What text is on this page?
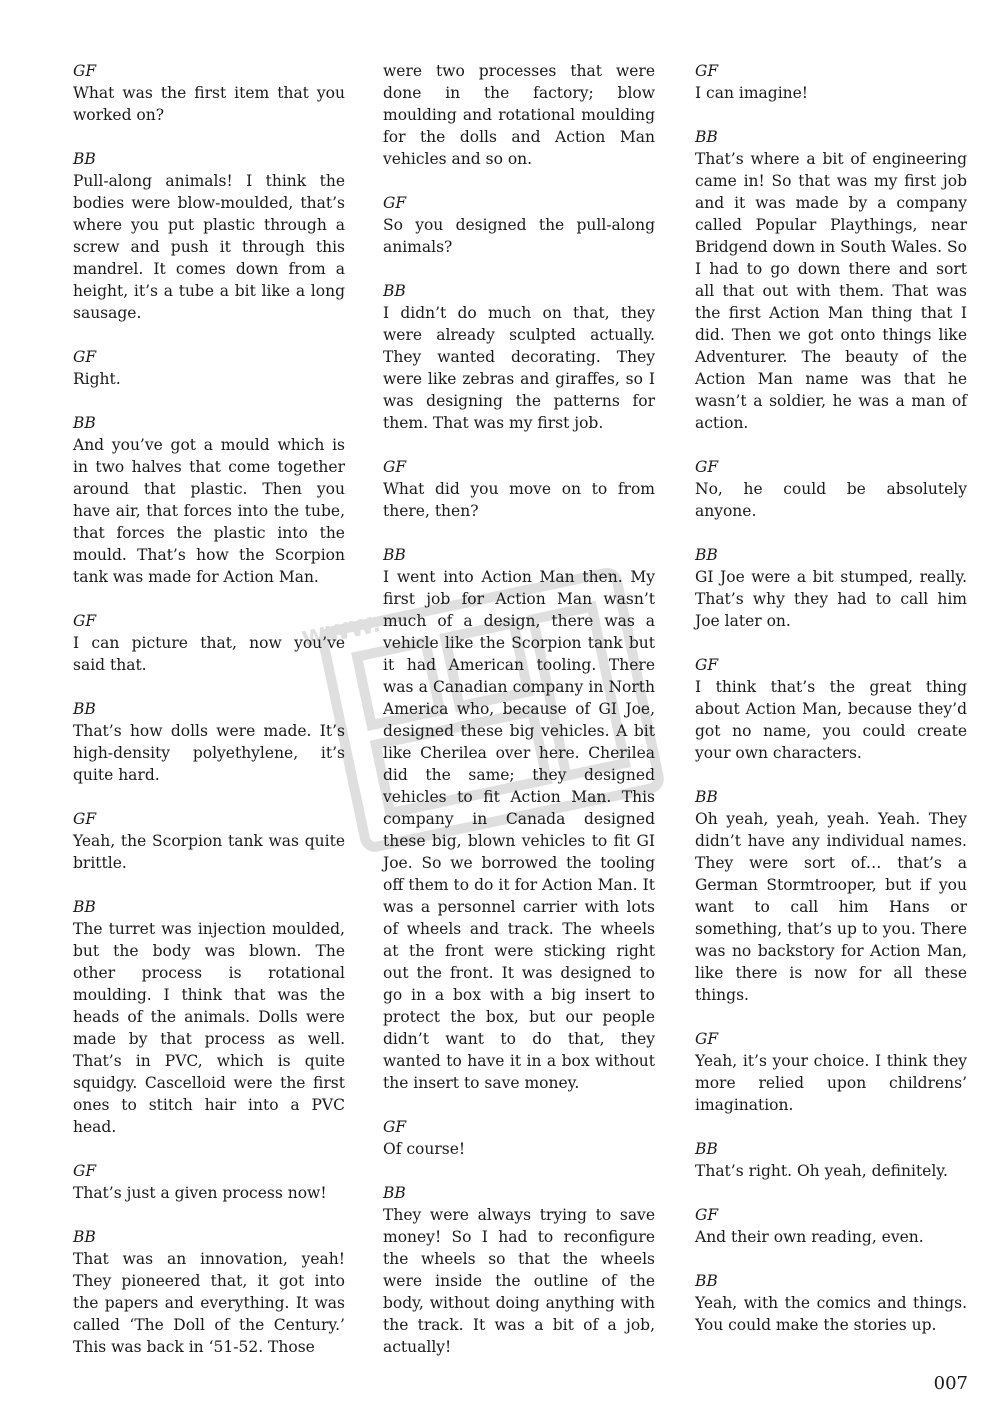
WWW.
GF

What was the first item that you worked on?

BB

Pull-along animals! I think the bodies were blow-moulded, that’s where you put plastic through a screw and push it through this mandrel. It comes down from a height, it’s a tube a bit like a long sausage.

GF

Right.

BB

And you’ve got a mould which is in two halves that come together around that plastic. Then you have air, that forces into the tube, that forces the plastic into the mould. That’s how the Scorpion tank was made for Action Man.

GF

I can picture that, now you’ve said that.

BB

That’s how dolls were made. It’s high-density polyethylene, it’s quite hard.

GF

Yeah, the Scorpion tank was quite brittle.

BB

The turret was injection moulded, but the body was blown. The other process is rotational moulding. I think that was the heads of the animals. Dolls were made by that process as well. That’s in PVC, which is quite squidgy. Cascelloid were the first ones to stitch hair into a PVC head.

GF

That’s just a given process now!

BB

That was an innovation, yeah! They pioneered that, it got into the papers and everything. It was called ‘The Doll of the Century.’ This was back in ‘51-52. Those

were two processes that were done in the factory; blow moulding and rotational moulding for the dolls and Action Man vehicles and so on.

GF

So you designed the pull-along animals?

BB

I didn’t do much on that, they were already sculpted actually. They wanted decorating. They were like zebras and giraffes, so I was designing the patterns for them. That was my first job.

GF

What did you move on to from there, then?

BB

I went into Action Man then. My first job for Action Man wasn’t much of a design, there was a vehicle like the Scorpion tank but it had American tooling. There was a Canadian company in North America who, because of GI Joe, designed these big vehicles. A bit like Cherilea over here. Cherilea did the same; they designed vehicles to fit Action Man. This company in Canada designed these big, blown vehicles to fit GI Joe. So we borrowed the tooling off them to do it for Action Man. It was a personnel carrier with lots of wheels and track. The wheels at the front were sticking right out the front. It was designed to go in a box with a big insert to protect the box, but our people didn’t want to do that, they wanted to have it in a box without the insert to save money.

GF

Of course!

BB

They were always trying to save money! So I had to reconfigure the wheels so that the wheels were inside the outline of the body, without doing anything with the track. It was a bit of a job, actually!

GF

I can imagine!

BB

That’s where a bit of engineering came in! So that was my first job and it was made by a company called Popular Playthings, near Bridgend down in South Wales. So I had to go down there and sort all that out with them. That was the first Action Man thing that I did. Then we got onto things like Adventurer. The beauty of the Action Man name was that he wasn’t a soldier, he was a man of action.

GF

No, he could be absolutely anyone.

BB

GI Joe were a bit stumped, really. That’s why they had to call him Joe later on.

GF

I think that’s the great thing about Action Man, because they’d got no name, you could create your own characters.

BB

Oh yeah, yeah, yeah. Yeah. They didn’t have any individual names. They were sort of… that’s a German Stormtrooper, but if you want to call him Hans or something, that’s up to you. There was no backstory for Action Man, like there is now for all these things.

GF

Yeah, it’s your choice. I think they more relied upon childrens’ imagination.

BB

That’s right. Oh yeah, definitely.

GF

And their own reading, even.

BB

Yeah, with the comics and things. You could make the stories up.

007
